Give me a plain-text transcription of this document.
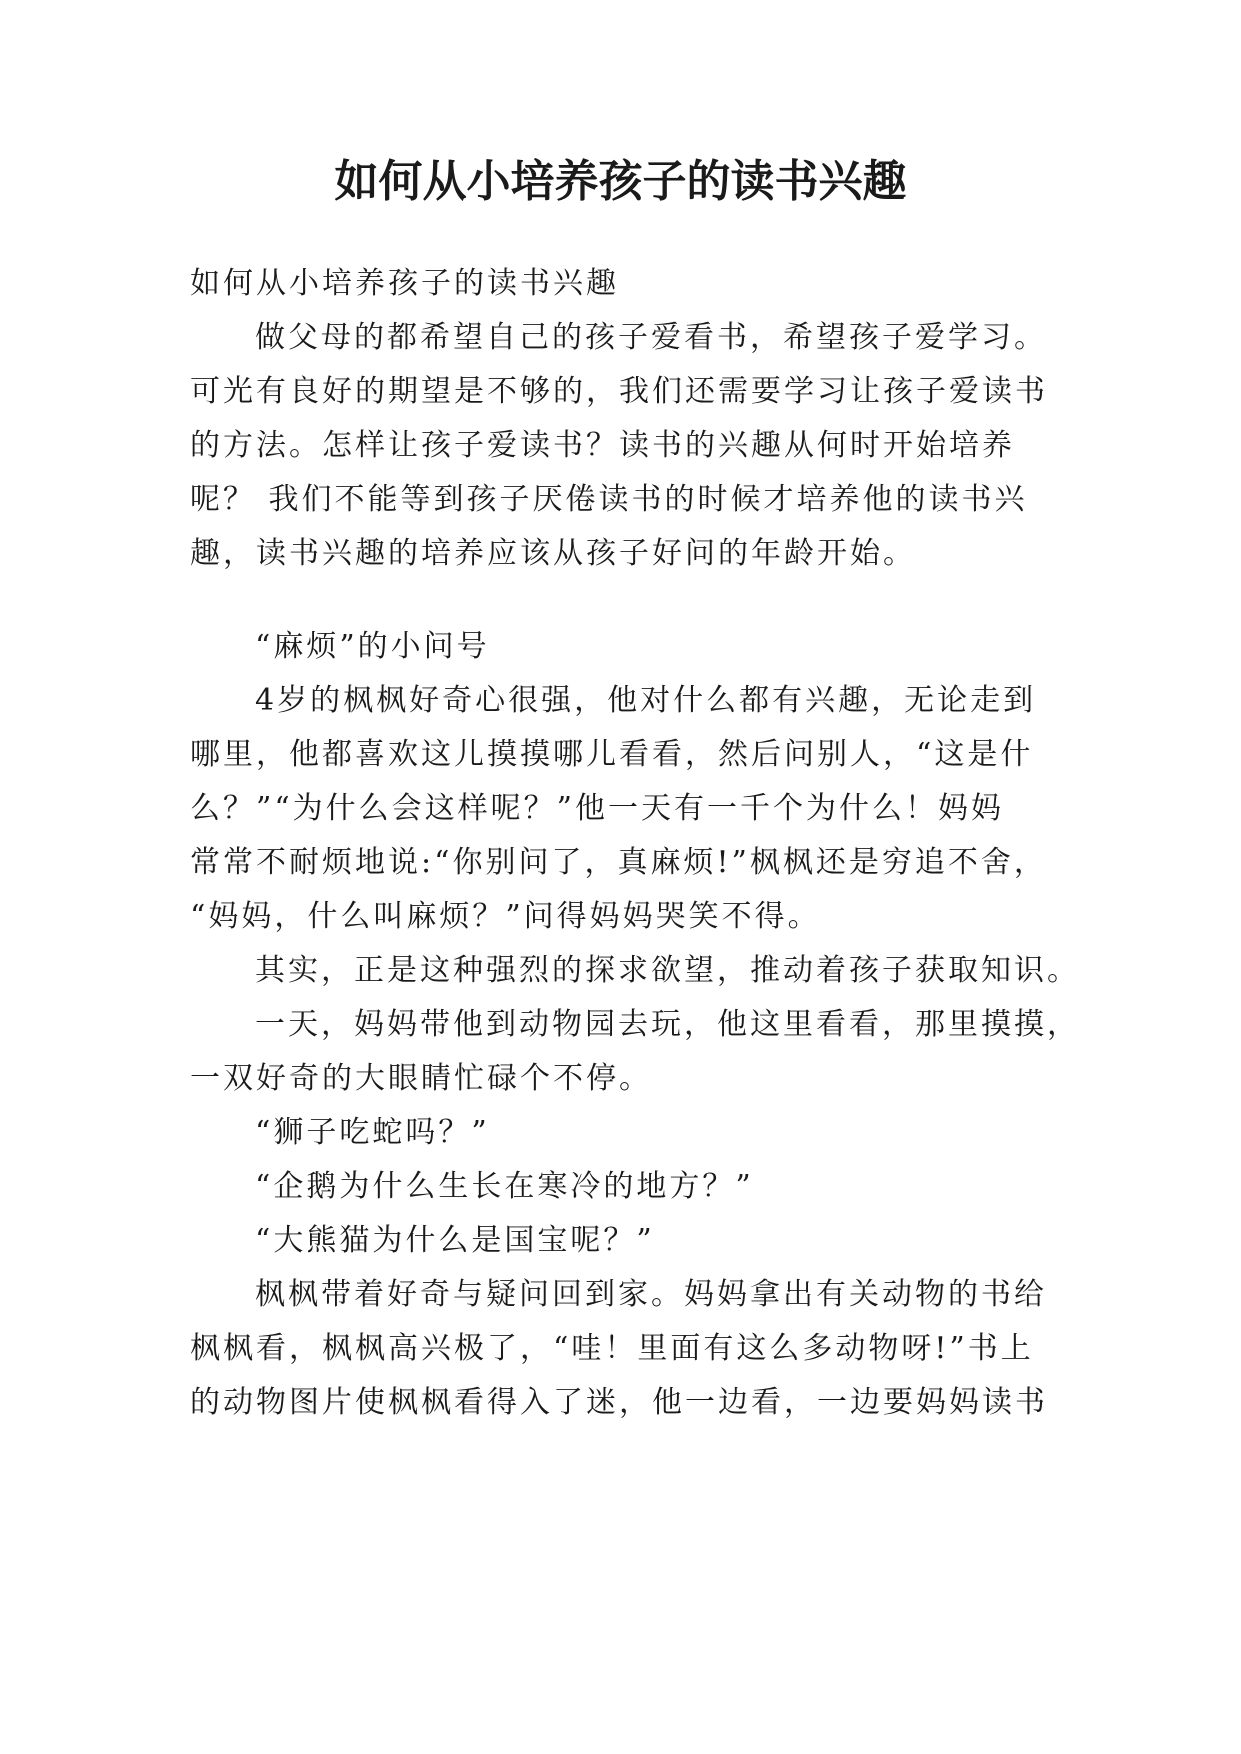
如何从小培养孩子的读书兴趣
如何从小培养孩子的读书兴趣
做父母的都希望自己的孩子爱看书，希望孩子爱学习。
可光有良好的期望是不够的，我们还需要学习让孩子爱读书
的方法。怎样让孩子爱读书？读书的兴趣从何时开始培养
呢？ 我们不能等到孩子厌倦读书的时候才培养他的读书兴
趣，读书兴趣的培养应该从孩子好问的年龄开始。
“麻烦”的小问号
4岁的枫枫好奇心很强，他对什么都有兴趣，无论走到
哪里，他都喜欢这儿摸摸哪儿看看，然后问别人，“这是什
么？”“为什么会这样呢？”他一天有一千个为什么！妈妈
常常不耐烦地说:“你别问了，真麻烦!”枫枫还是穷追不舍，
“妈妈，什么叫麻烦？”问得妈妈哭笑不得。
其实，正是这种强烈的探求欲望，推动着孩子获取知识。
一天，妈妈带他到动物园去玩，他这里看看，那里摸摸，
一双好奇的大眼睛忙碌个不停。
“狮子吃蛇吗？”
“企鹅为什么生长在寒冷的地方？”
“大熊猫为什么是国宝呢？”
枫枫带着好奇与疑问回到家。妈妈拿出有关动物的书给
枫枫看，枫枫高兴极了，“哇！里面有这么多动物呀!”书上
的动物图片使枫枫看得入了迷，他一边看，一边要妈妈读书
